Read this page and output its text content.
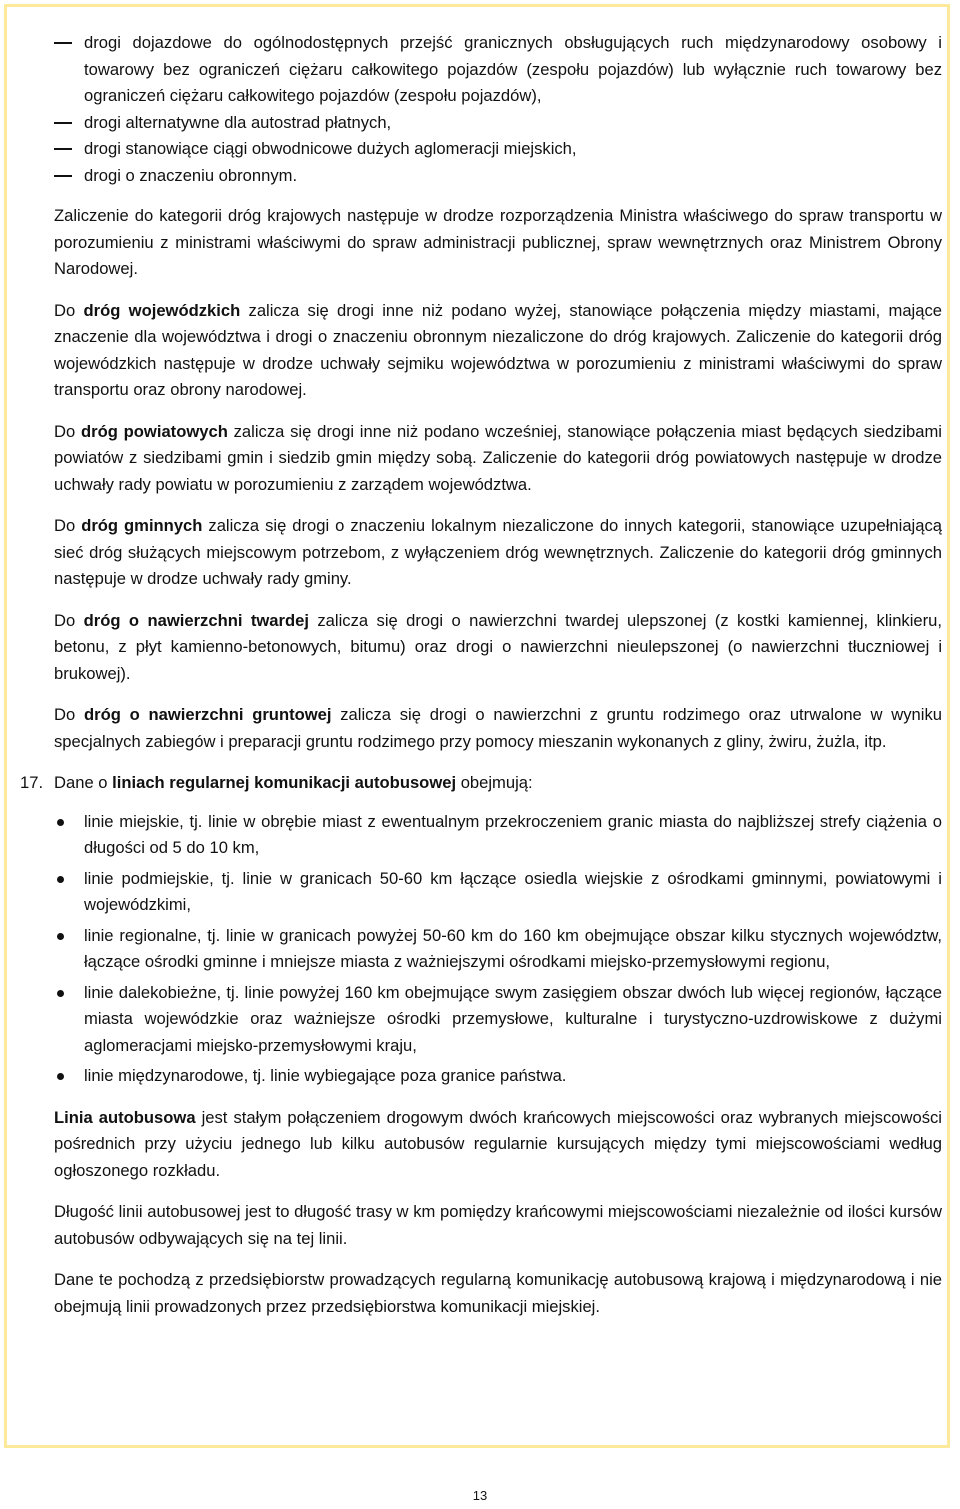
drogi dojazdowe do ogólnodostępnych przejść granicznych obsługujących ruch międzynarodowy osobowy i towarowy bez ograniczeń ciężaru całkowitego pojazdów (zespołu pojazdów) lub wyłącznie ruch towarowy bez ograniczeń ciężaru całkowitego pojazdów (zespołu pojazdów),
drogi alternatywne dla autostrad płatnych,
drogi stanowiące ciągi obwodnicowe dużych aglomeracji miejskich,
drogi o znaczeniu obronnym.

Zaliczenie do kategorii dróg krajowych następuje w drodze rozporządzenia Ministra właściwego do spraw transportu w porozumieniu z ministrami właściwymi do spraw administracji publicznej, spraw wewnętrznych oraz Ministrem Obrony Narodowej.

Do dróg wojewódzkich zalicza się drogi inne niż podano wyżej, stanowiące połączenia między miastami, mające znaczenie dla województwa i drogi o znaczeniu obronnym niezaliczone do dróg krajowych. Zaliczenie do kategorii dróg wojewódzkich następuje w drodze uchwały sejmiku województwa w porozumieniu z ministrami właściwymi do spraw transportu oraz obrony narodowej.

Do dróg powiatowych zalicza się drogi inne niż podano wcześniej, stanowiące połączenia miast będących siedzibami powiatów z siedzibami gmin i siedzib gmin między sobą. Zaliczenie do kategorii dróg powiatowych następuje w drodze uchwały rady powiatu w porozumieniu z zarządem województwa.

Do dróg gminnych zalicza się drogi o znaczeniu lokalnym niezaliczone do innych kategorii, stanowiące uzupełniającą sieć dróg służących miejscowym potrzebom, z wyłączeniem dróg wewnętrznych. Zaliczenie do kategorii dróg gminnych następuje w drodze uchwały rady gminy.

Do dróg o nawierzchni twardej zalicza się drogi o nawierzchni twardej ulepszonej (z kostki kamiennej, klinkieru, betonu, z płyt kamienno-betonowych, bitumu) oraz drogi o nawierzchni nieulepszonej (o nawierzchni tłuczniowej i brukowej).

Do dróg o nawierzchni gruntowej zalicza się drogi o nawierzchni z gruntu rodzimego oraz utrwalone w wyniku specjalnych zabiegów i preparacji gruntu rodzimego przy pomocy mieszanin wykonanych z gliny, żwiru, żużla, itp.

17. Dane o liniach regularnej komunikacji autobusowej obejmują:
linie miejskie, tj. linie w obrębie miast z ewentualnym przekroczeniem granic miasta do najbliższej strefy ciążenia o długości od 5 do 10 km,
linie podmiejskie, tj. linie w granicach 50-60 km łączące osiedla wiejskie z ośrodkami gminnymi, powiatowymi i wojewódzkimi,
linie regionalne, tj. linie w granicach powyżej 50-60 km do 160 km obejmujące obszar kilku stycznych województw, łączące ośrodki gminne i mniejsze miasta z ważniejszymi ośrodkami miejsko-przemysłowymi regionu,
linie dalekobieżne, tj. linie powyżej 160 km obejmujące swym zasięgiem obszar dwóch lub więcej regionów, łączące miasta wojewódzkie oraz ważniejsze ośrodki przemysłowe, kulturalne i turystyczno-uzdrowiskowe z dużymi aglomeracjami miejsko-przemysłowymi kraju,
linie międzynarodowe, tj. linie wybiegające poza granice państwa.

Linia autobusowa jest stałym połączeniem drogowym dwóch krańcowych miejscowości oraz wybranych miejscowości pośrednich przy użyciu jednego lub kilku autobusów regularnie kursujących między tymi miejscowościami według ogłoszonego rozkładu.

Długość linii autobusowej jest to długość trasy w km pomiędzy krańcowymi miejscowościami niezależnie od ilości kursów autobusów odbywających się na tej linii.

Dane te pochodzą z przedsiębiorstw prowadzących regularną komunikację autobusową krajową i międzynarodową i nie obejmują linii prowadzonych przez przedsiębiorstwa komunikacji miejskiej.

13
